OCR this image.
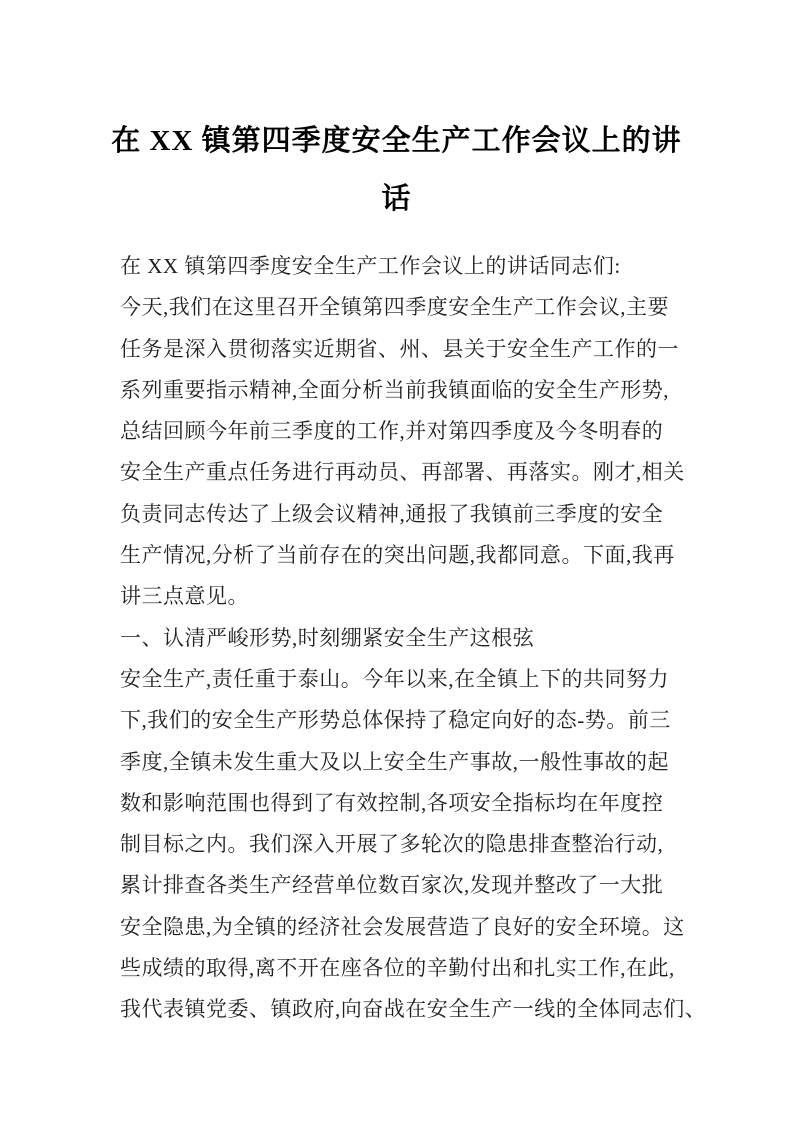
在 XX 镇第四季度安全生产工作会议上的讲
话
在 XX 镇第四季度安全生产工作会议上的讲话同志们:
今天,我们在这里召开全镇第四季度安全生产工作会议,主要
任务是深入贯彻落实近期省、州、县关于安全生产工作的一
系列重要指示精神,全面分析当前我镇面临的安全生产形势,
总结回顾今年前三季度的工作,并对第四季度及今冬明春的
安全生产重点任务进行再动员、再部署、再落实。刚才,相关
负责同志传达了上级会议精神,通报了我镇前三季度的安全
生产情况,分析了当前存在的突出问题,我都同意。下面,我再
讲三点意见。
一、认清严峻形势,时刻绷紧安全生产这根弦
安全生产,责任重于泰山。今年以来,在全镇上下的共同努力
下,我们的安全生产形势总体保持了稳定向好的态-势。前三
季度,全镇未发生重大及以上安全生产事故,一般性事故的起
数和影响范围也得到了有效控制,各项安全指标均在年度控
制目标之内。我们深入开展了多轮次的隐患排查整治行动,
累计排查各类生产经营单位数百家次,发现并整改了一大批
安全隐患,为全镇的经济社会发展营造了良好的安全环境。这
些成绩的取得,离不开在座各位的辛勤付出和扎实工作,在此,
我代表镇党委、镇政府,向奋战在安全生产一线的全体同志们、
